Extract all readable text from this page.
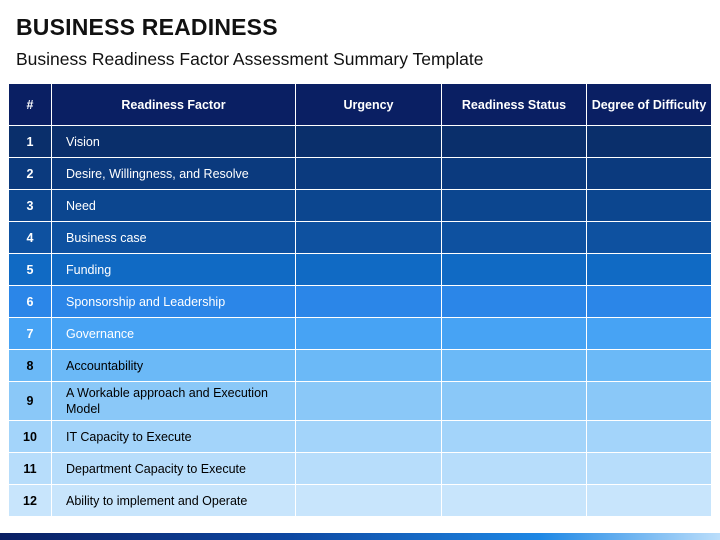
BUSINESS READINESS
Business Readiness Factor Assessment Summary Template
#	Readiness Factor	Urgency	Readiness Status	Degree of Difficulty
1	Vision			
2	Desire, Willingness, and Resolve			
3	Need			
4	Business case			
5	Funding			
6	Sponsorship and Leadership			
7	Governance			
8	Accountability			
9	A Workable approach and Execution Model			
10	IT Capacity to Execute			
11	Department Capacity to Execute			
12	Ability to implement and Operate			
